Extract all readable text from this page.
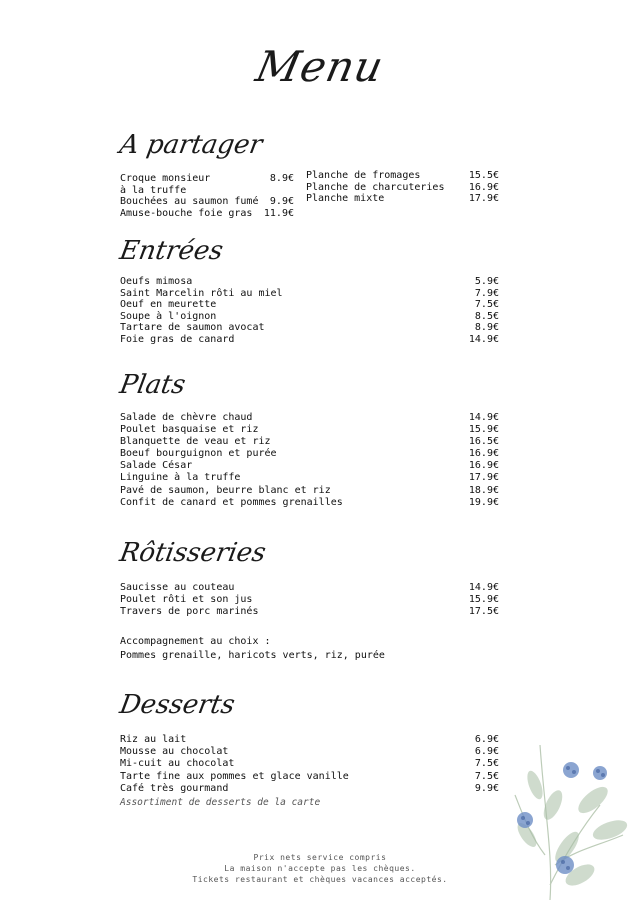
Menu
A partager
Croque monsieur	8.9€
à la truffe
Bouchées au saumon fumé 9.9€
Amuse-bouche foie gras 11.9€
Planche de fromages	15.5€
Planche de charcuteries 16.9€
Planche mixte	17.9€
Entrées
Oeufs mimosa	5.9€
Saint Marcelin rôti au miel	7.9€
Oeuf en meurette	7.5€
Soupe à l'oignon	8.5€
Tartare de saumon avocat	8.9€
Foie gras de canard	14.9€
Plats
Salade de chèvre chaud	14.9€
Poulet basquaise et riz	15.9€
Blanquette de veau et riz	16.5€
Boeuf bourguignon et purée	16.9€
Salade César	16.9€
Linguine à la truffe	17.9€
Pavé de saumon, beurre blanc et riz	18.9€
Confit de canard et pommes grenailles	19.9€
Rôtisseries
Saucisse au couteau	14.9€
Poulet rôti et son jus	15.9€
Travers de porc marinés	17.5€
Accompagnement au choix :
Pommes grenaille, haricots verts, riz, purée
Desserts
Riz au lait	6.9€
Mousse au chocolat	6.9€
Mi-cuit au chocolat	7.5€
Tarte fine aux pommes et glace vanille	7.5€
Café très gourmand	9.9€
Assortiment de desserts de la carte
Prix nets service compris
La maison n'accepte pas les chèques.
Tickets restaurant et chèques vacances acceptés.
